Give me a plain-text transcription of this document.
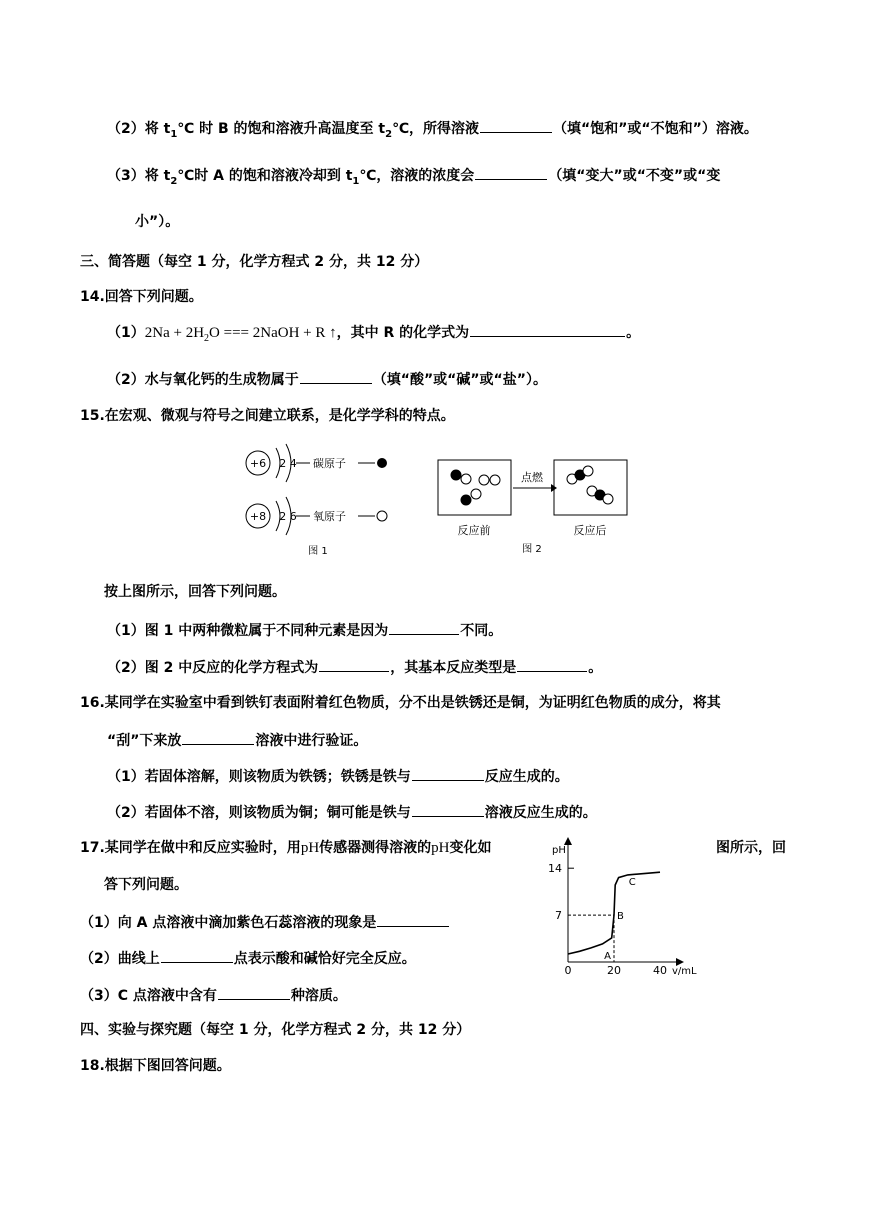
（2）将 $t_1℃$ 时 B 的饱和溶液升高温度至 $t_2℃$，所得溶液	（填“饱和”或“不饱和”）溶液。
（3）将 $t_2℃$时 A 的饱和溶液冷却到 $t_1℃$，溶液的浓度会	（填“变大”或“不变”或“变
小”）。
三、简答题（每空 1 分，化学方程式 2 分，共 12 分）
14.回答下列问题。
$(1)2Na + 2H_2O$ === 2NaOH + R ↑，其中 R 的化学式为	。
（2）水与氧化钙的生成物属于	（填“酸”或“碱”或“盐”）。
15.在宏观、微观与符号之间建立联系，是化学学科的特点。
+6 2 4 碳原子
+8 2 6 氧原子
图 1
点燃
反应前	反应后
图 2
按上图所示，回答下列问题。
（1）图 1 中两种微粒属于不同种元素是因为	不同。
（2）图 2 中反应的化学方程式为	，其基本反应类型是	。
16.某同学在实验室中看到铁钉表面附着红色物质，分不出是铁锈还是铜，为证明红色物质的成分，将其
“刮”下来放	溶液中进行验证。
（1）若固体溶解，则该物质为铁锈；铁锈是铁与	反应生成的。
（2）若固体不溶，则该物质为铜；铜可能是铁与	溶液反应生成的。
17.某同学在做中和反应实验时，用pH传感器测得溶液的pH变化如	图所示，回
答下列问题。
（1）向 A 点溶液中滴加紫色石蕊溶液的现象是
（2）曲线上	点表示酸和碱恰好完全反应。
（3）C 点溶液中含有	种溶质。
pH
v/mL
14
7
0	20	40
A
B
C
四、实验与探究题（每空 1 分，化学方程式 2 分，共 12 分）
18.根据下图回答问题。
